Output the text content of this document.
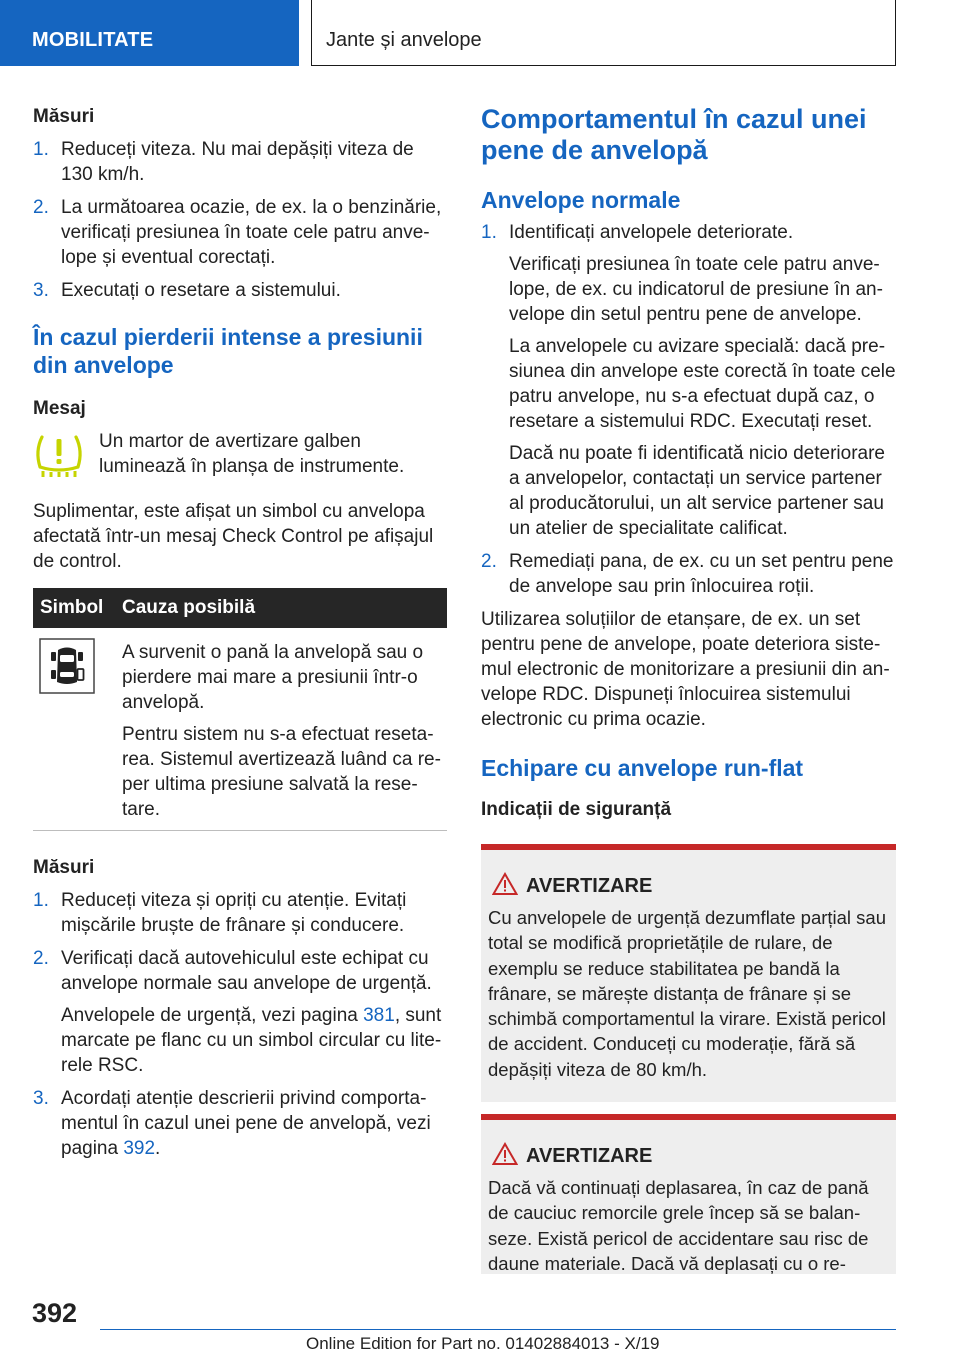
MOBILITATE	Jante și anvelope
Măsuri
1. Reduceți viteza. Nu mai depășiți viteza de 130 km/h.
2. La următoarea ocazie, de ex. la o benzinărie, verificați presiunea în toate cele patru anvelope și eventual corectați.
3. Executați o resetare a sistemului.
În cazul pierderii intense a presiunii din anvelope
Mesaj

Un martor de avertizare galben luminează în planșa de instrumente.

Suplimentar, este afișat un simbol cu anvelopa afectată într-un mesaj Check Control pe afișajul de control.

Simbol	Cauza posibilă

A survenit o pană la anvelopă sau o pierdere mai mare a presiunii într-o anvelopă.

Pentru sistem nu s-a efectuat resetarea. Sistemul avertizează luând ca reper ultima presiune salvată la resetare.

Măsuri
1. Reduceți viteza și opriți cu atenție. Evitați mișcările bruște de frânare și conducere.
2. Verificați dacă autovehiculul este echipat cu anvelope normale sau anvelope de urgență.
Anvelopele de urgență, vezi pagina 381, sunt marcate pe flanc cu un simbol circular cu literele RSC.
3. Acordați atenție descrierii privind comportamentul în cazul unei pene de anvelopă, vezi pagina 392.
Comportamentul în cazul unei pene de anvelopă
Anvelope normale
1. Identificați anvelopele deteriorate.
Verificați presiunea în toate cele patru anvelope, de ex. cu indicatorul de presiune în anvelope din setul pentru pene de anvelope.
La anvelopele cu avizare specială: dacă presiunea din anvelope este corectă în toate cele patru anvelope, nu s-a efectuat după caz, o resetare a sistemului RDC. Executați reset.
Dacă nu poate fi identificată nicio deteriorare a anvelopelor, contactați un service partener al producătorului, un alt service partener sau un atelier de specialitate calificat.
2. Remediați pana, de ex. cu un set pentru pene de anvelope sau prin înlocuirea roții.

Utilizarea soluțiilor de etanșare, de ex. un set pentru pene de anvelope, poate deteriora sistemul electronic de monitorizare a presiunii din anvelope RDC. Dispuneți înlocuirea sistemului electronic cu prima ocazie.

Echipare cu anvelope run-flat
Indicații de siguranță
AVERTIZARE

Cu anvelopele de urgență dezumflate parțial sau total se modifică proprietățile de rulare, de exemplu se reduce stabilitatea pe bandă la frânare, se mărește distanța de frânare și se schimbă comportamentul la virare. Există pericol de accident. Conduceți cu moderație, fără să depășiți viteza de 80 km/h.

AVERTIZARE

Dacă vă continuați deplasarea, în caz de pană de cauciuc remorcile grele încep să se balanseze. Există pericol de accidentare sau risc de daune materiale. Dacă vă deplasați cu o re-

392
Online Edition for Part no. 01402884013 - X/19
